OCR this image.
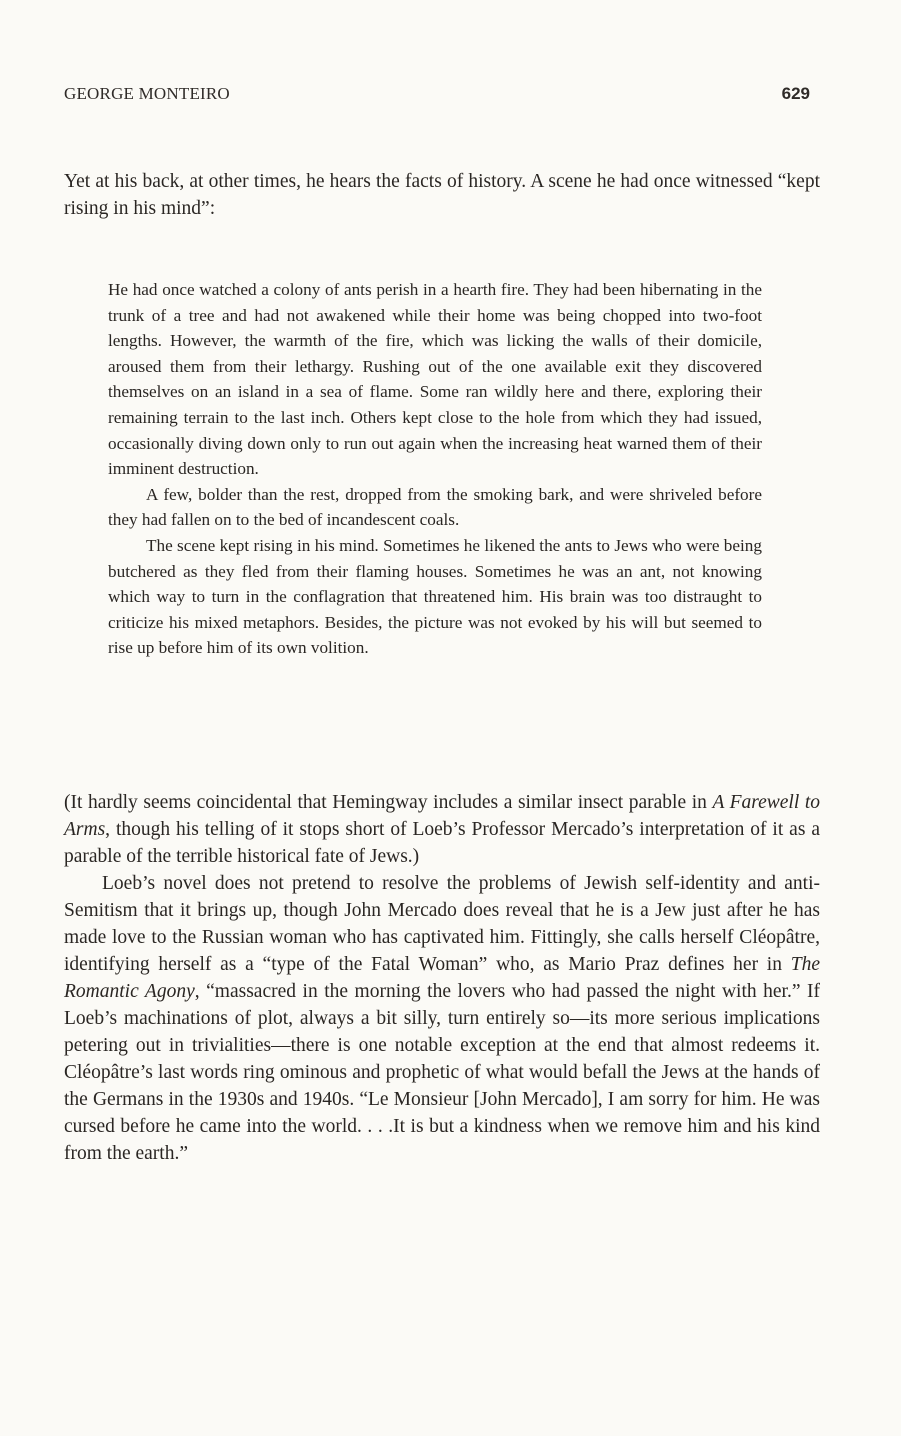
GEORGE MONTEIRO	629

Yet at his back, at other times, he hears the facts of history. A scene he had once witnessed “kept rising in his mind”:

He had once watched a colony of ants perish in a hearth fire. They had been hibernating in the trunk of a tree and had not awakened while their home was being chopped into two-foot lengths. However, the warmth of the fire, which was licking the walls of their domicile, aroused them from their lethargy. Rushing out of the one available exit they discovered themselves on an island in a sea of flame. Some ran wildly here and there, exploring their remaining terrain to the last inch. Others kept close to the hole from which they had issued, occasionally diving down only to run out again when the increasing heat warned them of their imminent destruction.

A few, bolder than the rest, dropped from the smoking bark, and were shriveled before they had fallen on to the bed of incandescent coals.

The scene kept rising in his mind. Sometimes he likened the ants to Jews who were being butchered as they fled from their flaming houses. Sometimes he was an ant, not knowing which way to turn in the conflagration that threatened him. His brain was too distraught to criticize his mixed metaphors. Besides, the picture was not evoked by his will but seemed to rise up before him of its own volition.

(It hardly seems coincidental that Hemingway includes a similar insect parable in A Farewell to Arms, though his telling of it stops short of Loeb’s Professor Mercado’s interpretation of it as a parable of the terrible historical fate of Jews.)

Loeb’s novel does not pretend to resolve the problems of Jewish self-identity and anti-Semitism that it brings up, though John Mercado does reveal that he is a Jew just after he has made love to the Russian woman who has captivated him. Fittingly, she calls herself Cléopâtre, identifying herself as a “type of the Fatal Woman” who, as Mario Praz defines her in The Romantic Agony, “massacred in the morning the lovers who had passed the night with her.” If Loeb’s machinations of plot, always a bit silly, turn entirely so—its more serious implications petering out in trivialities—there is one notable exception at the end that almost redeems it. Cléopâtre’s last words ring ominous and prophetic of what would befall the Jews at the hands of the Germans in the 1930s and 1940s. “Le Monsieur [John Mercado], I am sorry for him. He was cursed before he came into the world. . . .It is but a kindness when we remove him and his kind from the earth.”
